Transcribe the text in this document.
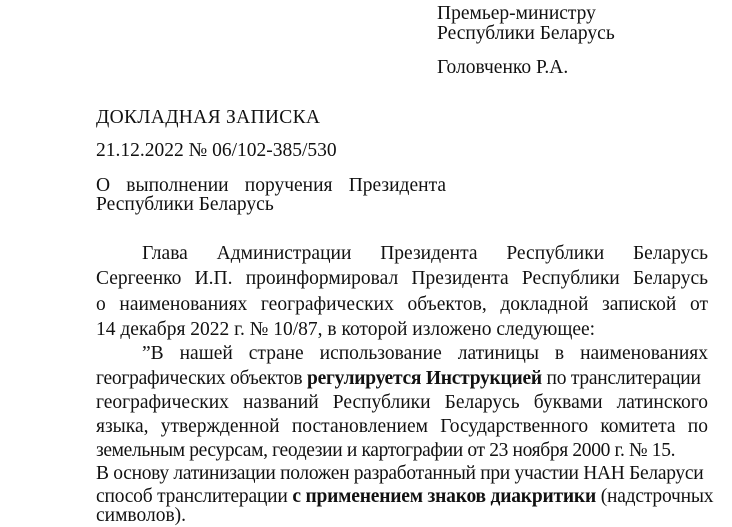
Премьер-министру
Республики Беларусь
Головченко Р.А.
ДОКЛАДНАЯ ЗАПИСКА
21.12.2022 № 06/102-385/530
О выполнении поручения Президента
Республики Беларусь
Глава Администрации Президента Республики Беларусь
Сергеенко И.П. проинформировал Президента Республики Беларусь
о наименованиях географических объектов, докладной запиской от
14 декабря 2022 г. № 10/87, в которой изложено следующее:
”В нашей стране использование латиницы в наименованиях
географических объектов регулируется Инструкцией по транслитерации
географических названий Республики Беларусь буквами латинского
языка, утвержденной постановлением Государственного комитета по
земельным ресурсам, геодезии и картографии от 23 ноября 2000 г. № 15.
В основу латинизации положен разработанный при участии НАН Беларуси
способ транслитерации с применением знаков диакритики (надстрочных
символов).
